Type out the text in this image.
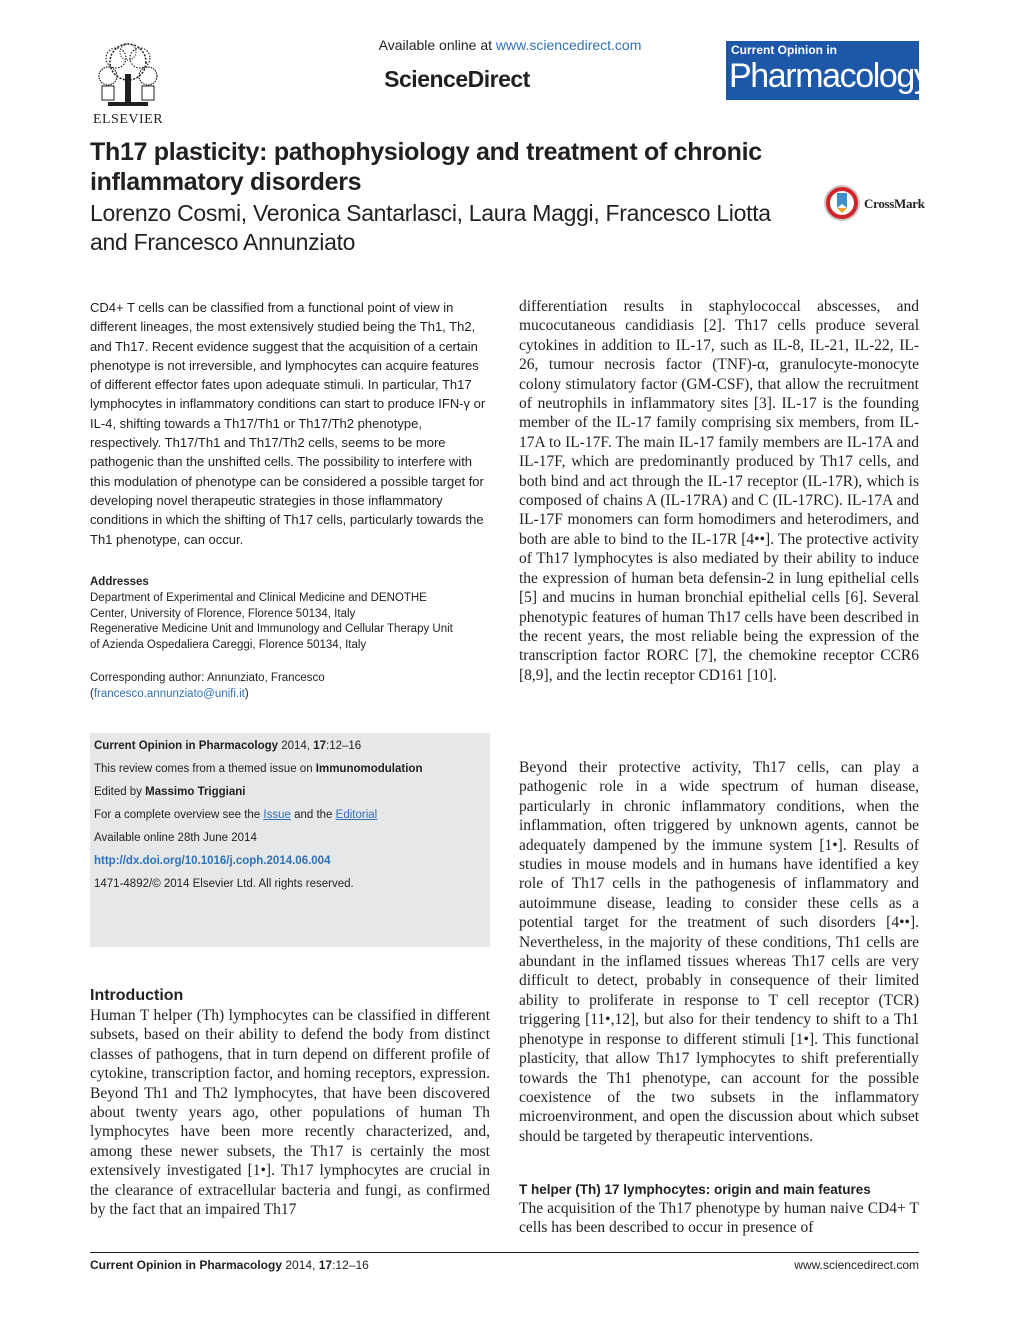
ELSEVIER
Available online at www.sciencedirect.com
ScienceDirect
Current Opinion in
Pharmacology
Th17 plasticity: pathophysiology and treatment of chronic inflammatory disorders
Lorenzo Cosmi, Veronica Santarlasci, Laura Maggi, Francesco Liotta and Francesco Annunziato
CrossMark
CD4+ T cells can be classified from a functional point of view in different lineages, the most extensively studied being the Th1, Th2, and Th17. Recent evidence suggest that the acquisition of a certain phenotype is not irreversible, and lymphocytes can acquire features of different effector fates upon adequate stimuli. In particular, Th17 lymphocytes in inflammatory conditions can start to produce IFN-γ or IL-4, shifting towards a Th17/Th1 or Th17/Th2 phenotype, respectively. Th17/Th1 and Th17/Th2 cells, seems to be more pathogenic than the unshifted cells. The possibility to interfere with this modulation of phenotype can be considered a possible target for developing novel therapeutic strategies in those inflammatory conditions in which the shifting of Th17 cells, particularly towards the Th1 phenotype, can occur.
Addresses
Department of Experimental and Clinical Medicine and DENOTHE
Center, University of Florence, Florence 50134, Italy
Regenerative Medicine Unit and Immunology and Cellular Therapy Unit
of Azienda Ospedaliera Careggi, Florence 50134, Italy
Corresponding author: Annunziato, Francesco
(francesco.annunziato@unifi.it)
Current Opinion in Pharmacology 2014, 17:12–16
This review comes from a themed issue on Immunomodulation
Edited by Massimo Triggiani
For a complete overview see the Issue and the Editorial
Available online 28th June 2014
http://dx.doi.org/10.1016/j.coph.2014.06.004
1471-4892/© 2014 Elsevier Ltd. All rights reserved.
Introduction
Human T helper (Th) lymphocytes can be classified in different subsets, based on their ability to defend the body from distinct classes of pathogens, that in turn depend on different profile of cytokine, transcription factor, and homing receptors, expression. Beyond Th1 and Th2 lymphocytes, that have been discovered about twenty years ago, other populations of human Th lymphocytes have been more recently characterized, and, among these newer subsets, the Th17 is certainly the most extensively investigated [1•]. Th17 lymphocytes are crucial in the clearance of extracellular bacteria and fungi, as confirmed by the fact that an impaired Th17
differentiation results in staphylococcal abscesses, and mucocutaneous candidiasis [2]. Th17 cells produce several cytokines in addition to IL-17, such as IL-8, IL-21, IL-22, IL-26, tumour necrosis factor (TNF)-α, granulocyte-monocyte colony stimulatory factor (GM-CSF), that allow the recruitment of neutrophils in inflammatory sites [3]. IL-17 is the founding member of the IL-17 family comprising six members, from IL-17A to IL-17F. The main IL-17 family members are IL-17A and IL-17F, which are predominantly produced by Th17 cells, and both bind and act through the IL-17 receptor (IL-17R), which is composed of chains A (IL-17RA) and C (IL-17RC). IL-17A and IL-17F monomers can form homodimers and heterodimers, and both are able to bind to the IL-17R [4••]. The protective activity of Th17 lymphocytes is also mediated by their ability to induce the expression of human beta defensin-2 in lung epithelial cells [5] and mucins in human bronchial epithelial cells [6]. Several phenotypic features of human Th17 cells have been described in the recent years, the most reliable being the expression of the transcription factor RORC [7], the chemokine receptor CCR6 [8,9], and the lectin receptor CD161 [10].
Beyond their protective activity, Th17 cells, can play a pathogenic role in a wide spectrum of human disease, particularly in chronic inflammatory conditions, when the inflammation, often triggered by unknown agents, cannot be adequately dampened by the immune system [1•]. Results of studies in mouse models and in humans have identified a key role of Th17 cells in the pathogenesis of inflammatory and autoimmune disease, leading to consider these cells as a potential target for the treatment of such disorders [4••]. Nevertheless, in the majority of these conditions, Th1 cells are abundant in the inflamed tissues whereas Th17 cells are very difficult to detect, probably in consequence of their limited ability to proliferate in response to T cell receptor (TCR) triggering [11•,12], but also for their tendency to shift to a Th1 phenotype in response to different stimuli [1•]. This functional plasticity, that allow Th17 lymphocytes to shift preferentially towards the Th1 phenotype, can account for the possible coexistence of the two subsets in the inflammatory microenvironment, and open the discussion about which subset should be targeted by therapeutic interventions.
T helper (Th) 17 lymphocytes: origin and main features
The acquisition of the Th17 phenotype by human naive CD4+ T cells has been described to occur in presence of
Current Opinion in Pharmacology 2014, 17:12–16	www.sciencedirect.com
